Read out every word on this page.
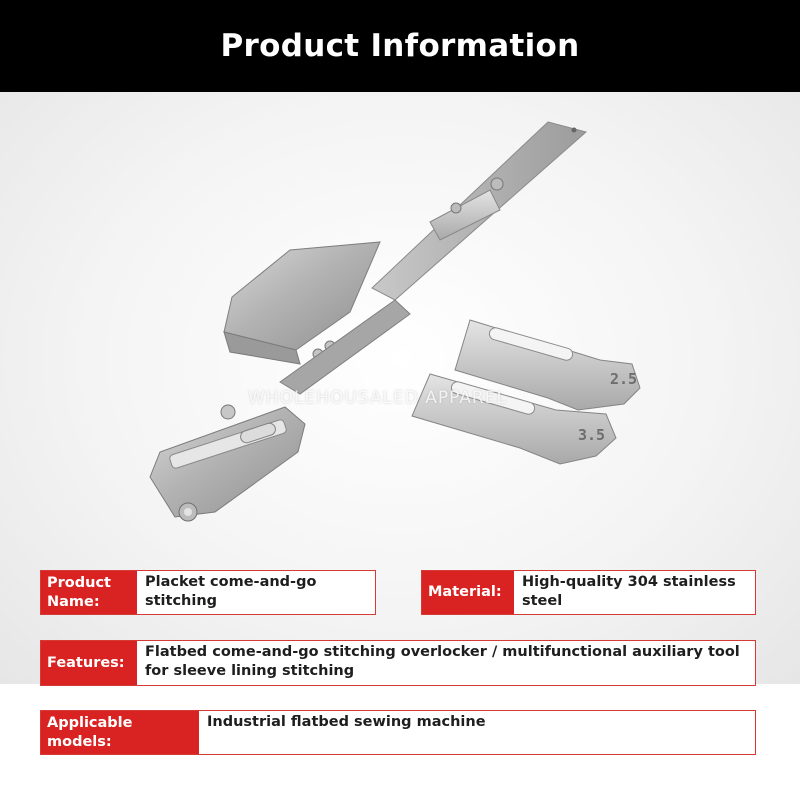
Product Information
2.5
3.5
WHOLEHOUSALED APPAREL
Product Name:
Placket come-and-go stitching
Material:
High-quality 304 stainless steel
Features:
Flatbed come-and-go stitching overlocker / multifunctional auxiliary tool for sleeve lining stitching
Applicable models:
Industrial flatbed sewing machine
